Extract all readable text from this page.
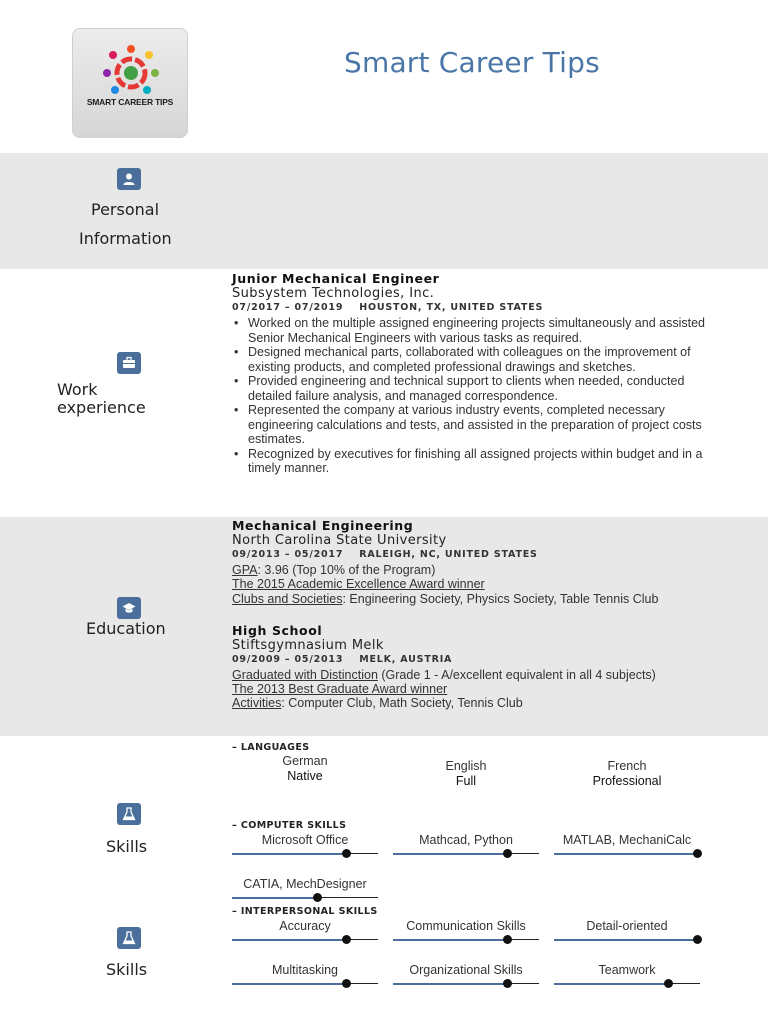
SMART CAREER TIPS
Smart Career Tips
Personal
Information
Work
experience
Junior Mechanical Engineer
Subsystem Technologies, Inc.
07/2017 – 07/2019 HOUSTON, TX, UNITED STATES
• Worked on the multiple assigned engineering projects simultaneously and assisted Senior Mechanical Engineers with various tasks as required.
• Designed mechanical parts, collaborated with colleagues on the improvement of existing products, and completed professional drawings and sketches.
• Provided engineering and technical support to clients when needed, conducted detailed failure analysis, and managed correspondence.
• Represented the company at various industry events, completed necessary engineering calculations and tests, and assisted in the preparation of project costs estimates.
• Recognized by executives for finishing all assigned projects within budget and in a timely manner.
Education
Mechanical Engineering
North Carolina State University
09/2013 – 05/2017 RALEIGH, NC, UNITED STATES
GPA: 3.96 (Top 10% of the Program)
The 2015 Academic Excellence Award winner
Clubs and Societies: Engineering Society, Physics Society, Table Tennis Club
High School
Stiftsgymnasium Melk
09/2009 – 05/2013 MELK, AUSTRIA
Graduated with Distinction (Grade 1 - A/excellent equivalent in all 4 subjects)
The 2013 Best Graduate Award winner
Activities: Computer Club, Math Society, Tennis Club
Skills
Skills
– LANGUAGES
German
Native
English
Full
French
Professional
– COMPUTER SKILLS
Microsoft Office	Mathcad, Python	MATLAB, MechaniCalc
CATIA, MechDesigner
– INTERPERSONAL SKILLS
Accuracy	Communication Skills	Detail-oriented
Multitasking	Organizational Skills	Teamwork
